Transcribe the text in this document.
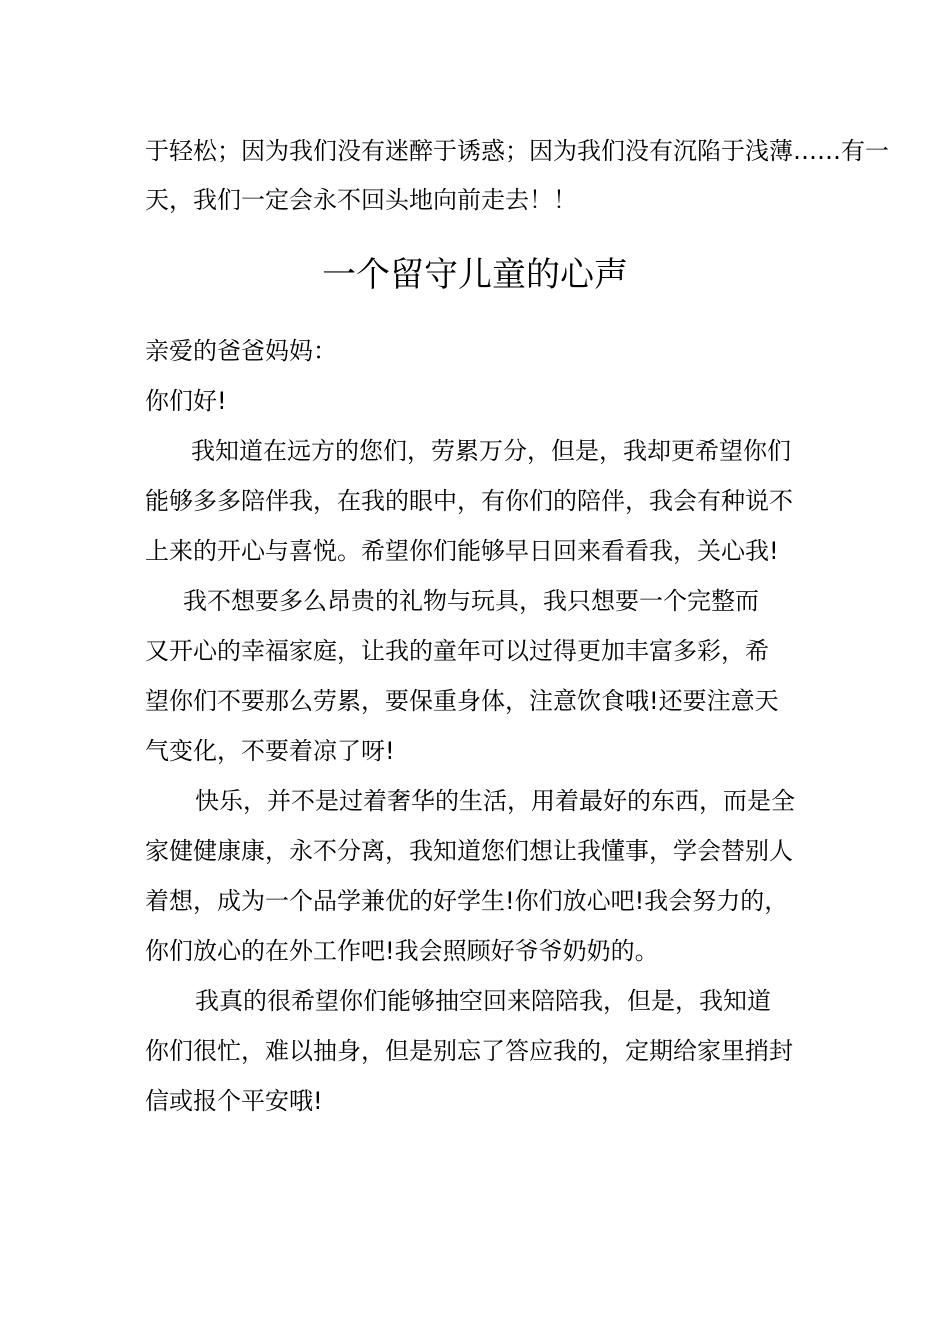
于轻松；因为我们没有迷醉于诱惑；因为我们没有沉陷于浅薄……有一
天，我们一定会永不回头地向前走去！！
一个留守儿童的心声
亲爱的爸爸妈妈：
你们好!
　我知道在远方的您们，劳累万分，但是，我却更希望你们
能够多多陪伴我，在我的眼中，有你们的陪伴，我会有种说不
上来的开心与喜悦。希望你们能够早日回来看看我，关心我!
　我不想要多么昂贵的礼物与玩具，我只想要一个完整而
又开心的幸福家庭，让我的童年可以过得更加丰富多彩，希
望你们不要那么劳累，要保重身体，注意饮食哦!还要注意天
气变化，不要着凉了呀!
　快乐，并不是过着奢华的生活，用着最好的东西，而是全
家健健康康，永不分离，我知道您们想让我懂事，学会替别人
着想，成为一个品学兼优的好学生!你们放心吧!我会努力的，
你们放心的在外工作吧!我会照顾好爷爷奶奶的。
　我真的很希望你们能够抽空回来陪陪我，但是，我知道
你们很忙，难以抽身，但是别忘了答应我的，定期给家里捎封
信或报个平安哦!
